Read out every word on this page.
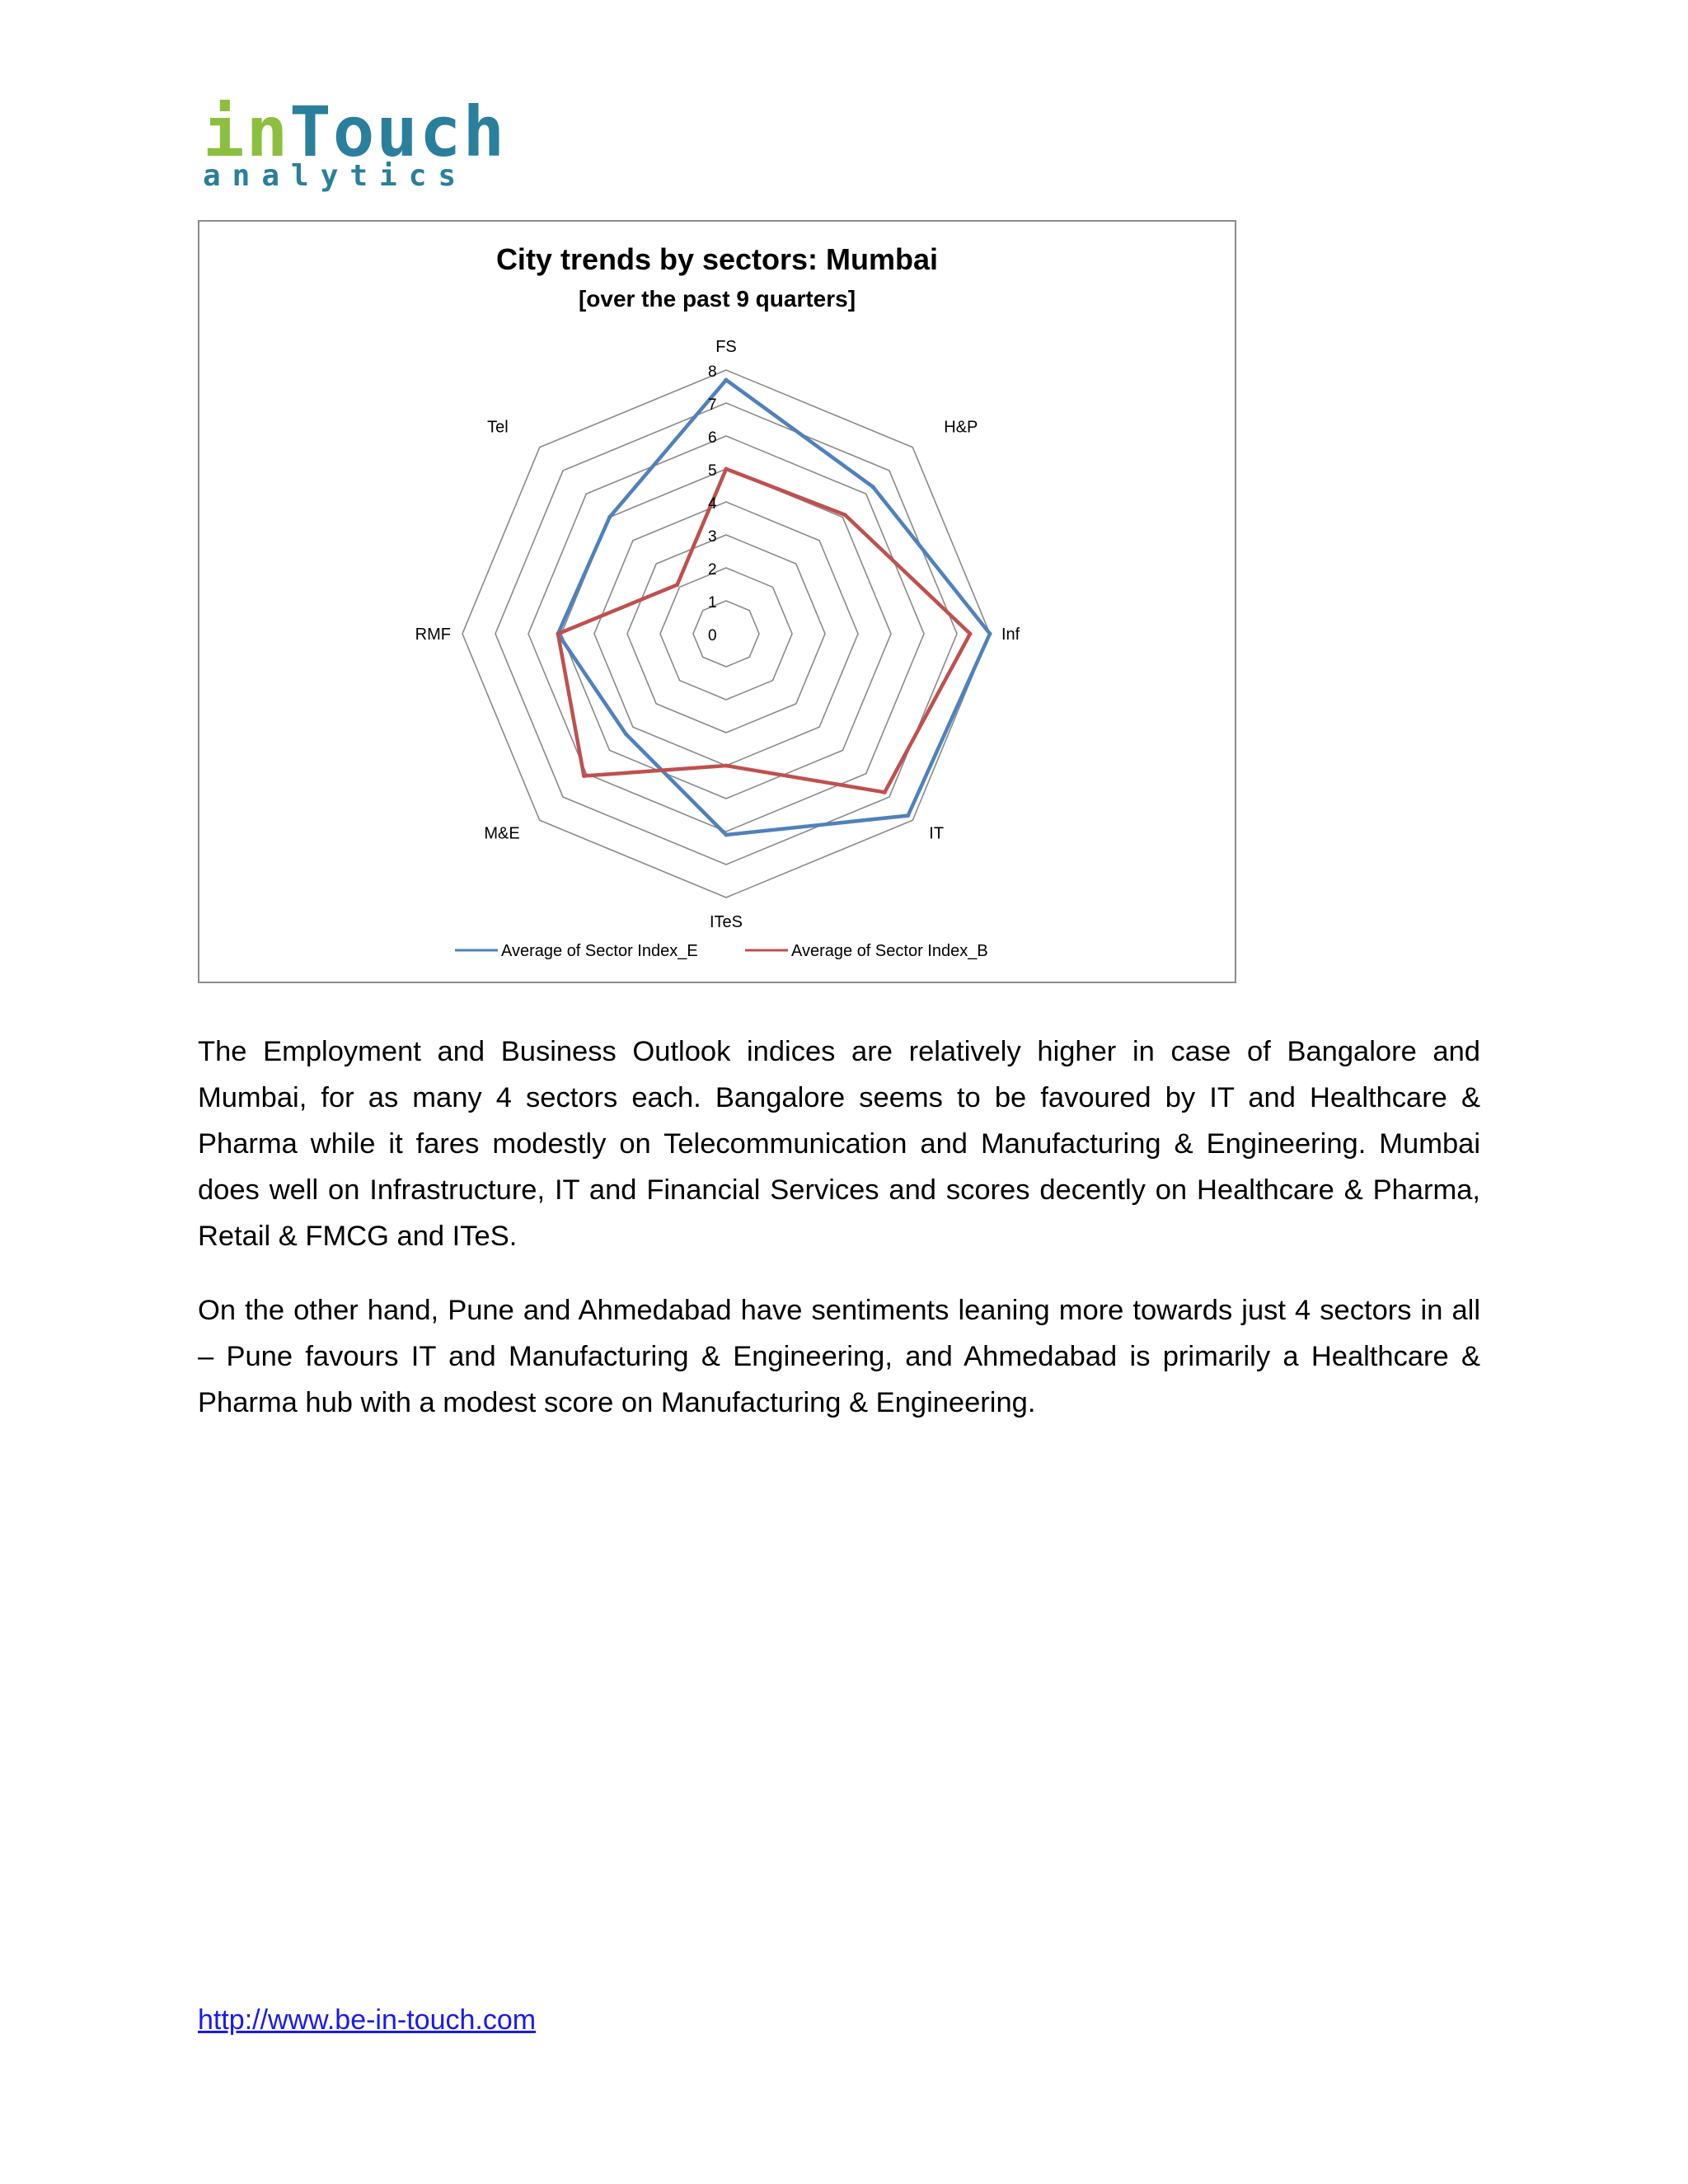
inTouch
analytics
City trends by sectors: Mumbai
[over the past 9 quarters]
0
1
2
3
4
5
6
7
8
FS
H&P
Inf
IT
ITeS
M&E
RMF
Tel
Average of Sector Index_E	Average of Sector Index_B

The Employment and Business Outlook indices are relatively higher in case of Bangalore and Mumbai, for as many 4 sectors each. Bangalore seems to be favoured by IT and Healthcare & Pharma while it fares modestly on Telecommunication and Manufacturing & Engineering. Mumbai does well on Infrastructure, IT and Financial Services and scores decently on Healthcare & Pharma, Retail & FMCG and ITeS.

On the other hand, Pune and Ahmedabad have sentiments leaning more towards just 4 sectors in all – Pune favours IT and Manufacturing & Engineering, and Ahmedabad is primarily a Healthcare & Pharma hub with a modest score on Manufacturing & Engineering.

http://www.be-in-touch.com
